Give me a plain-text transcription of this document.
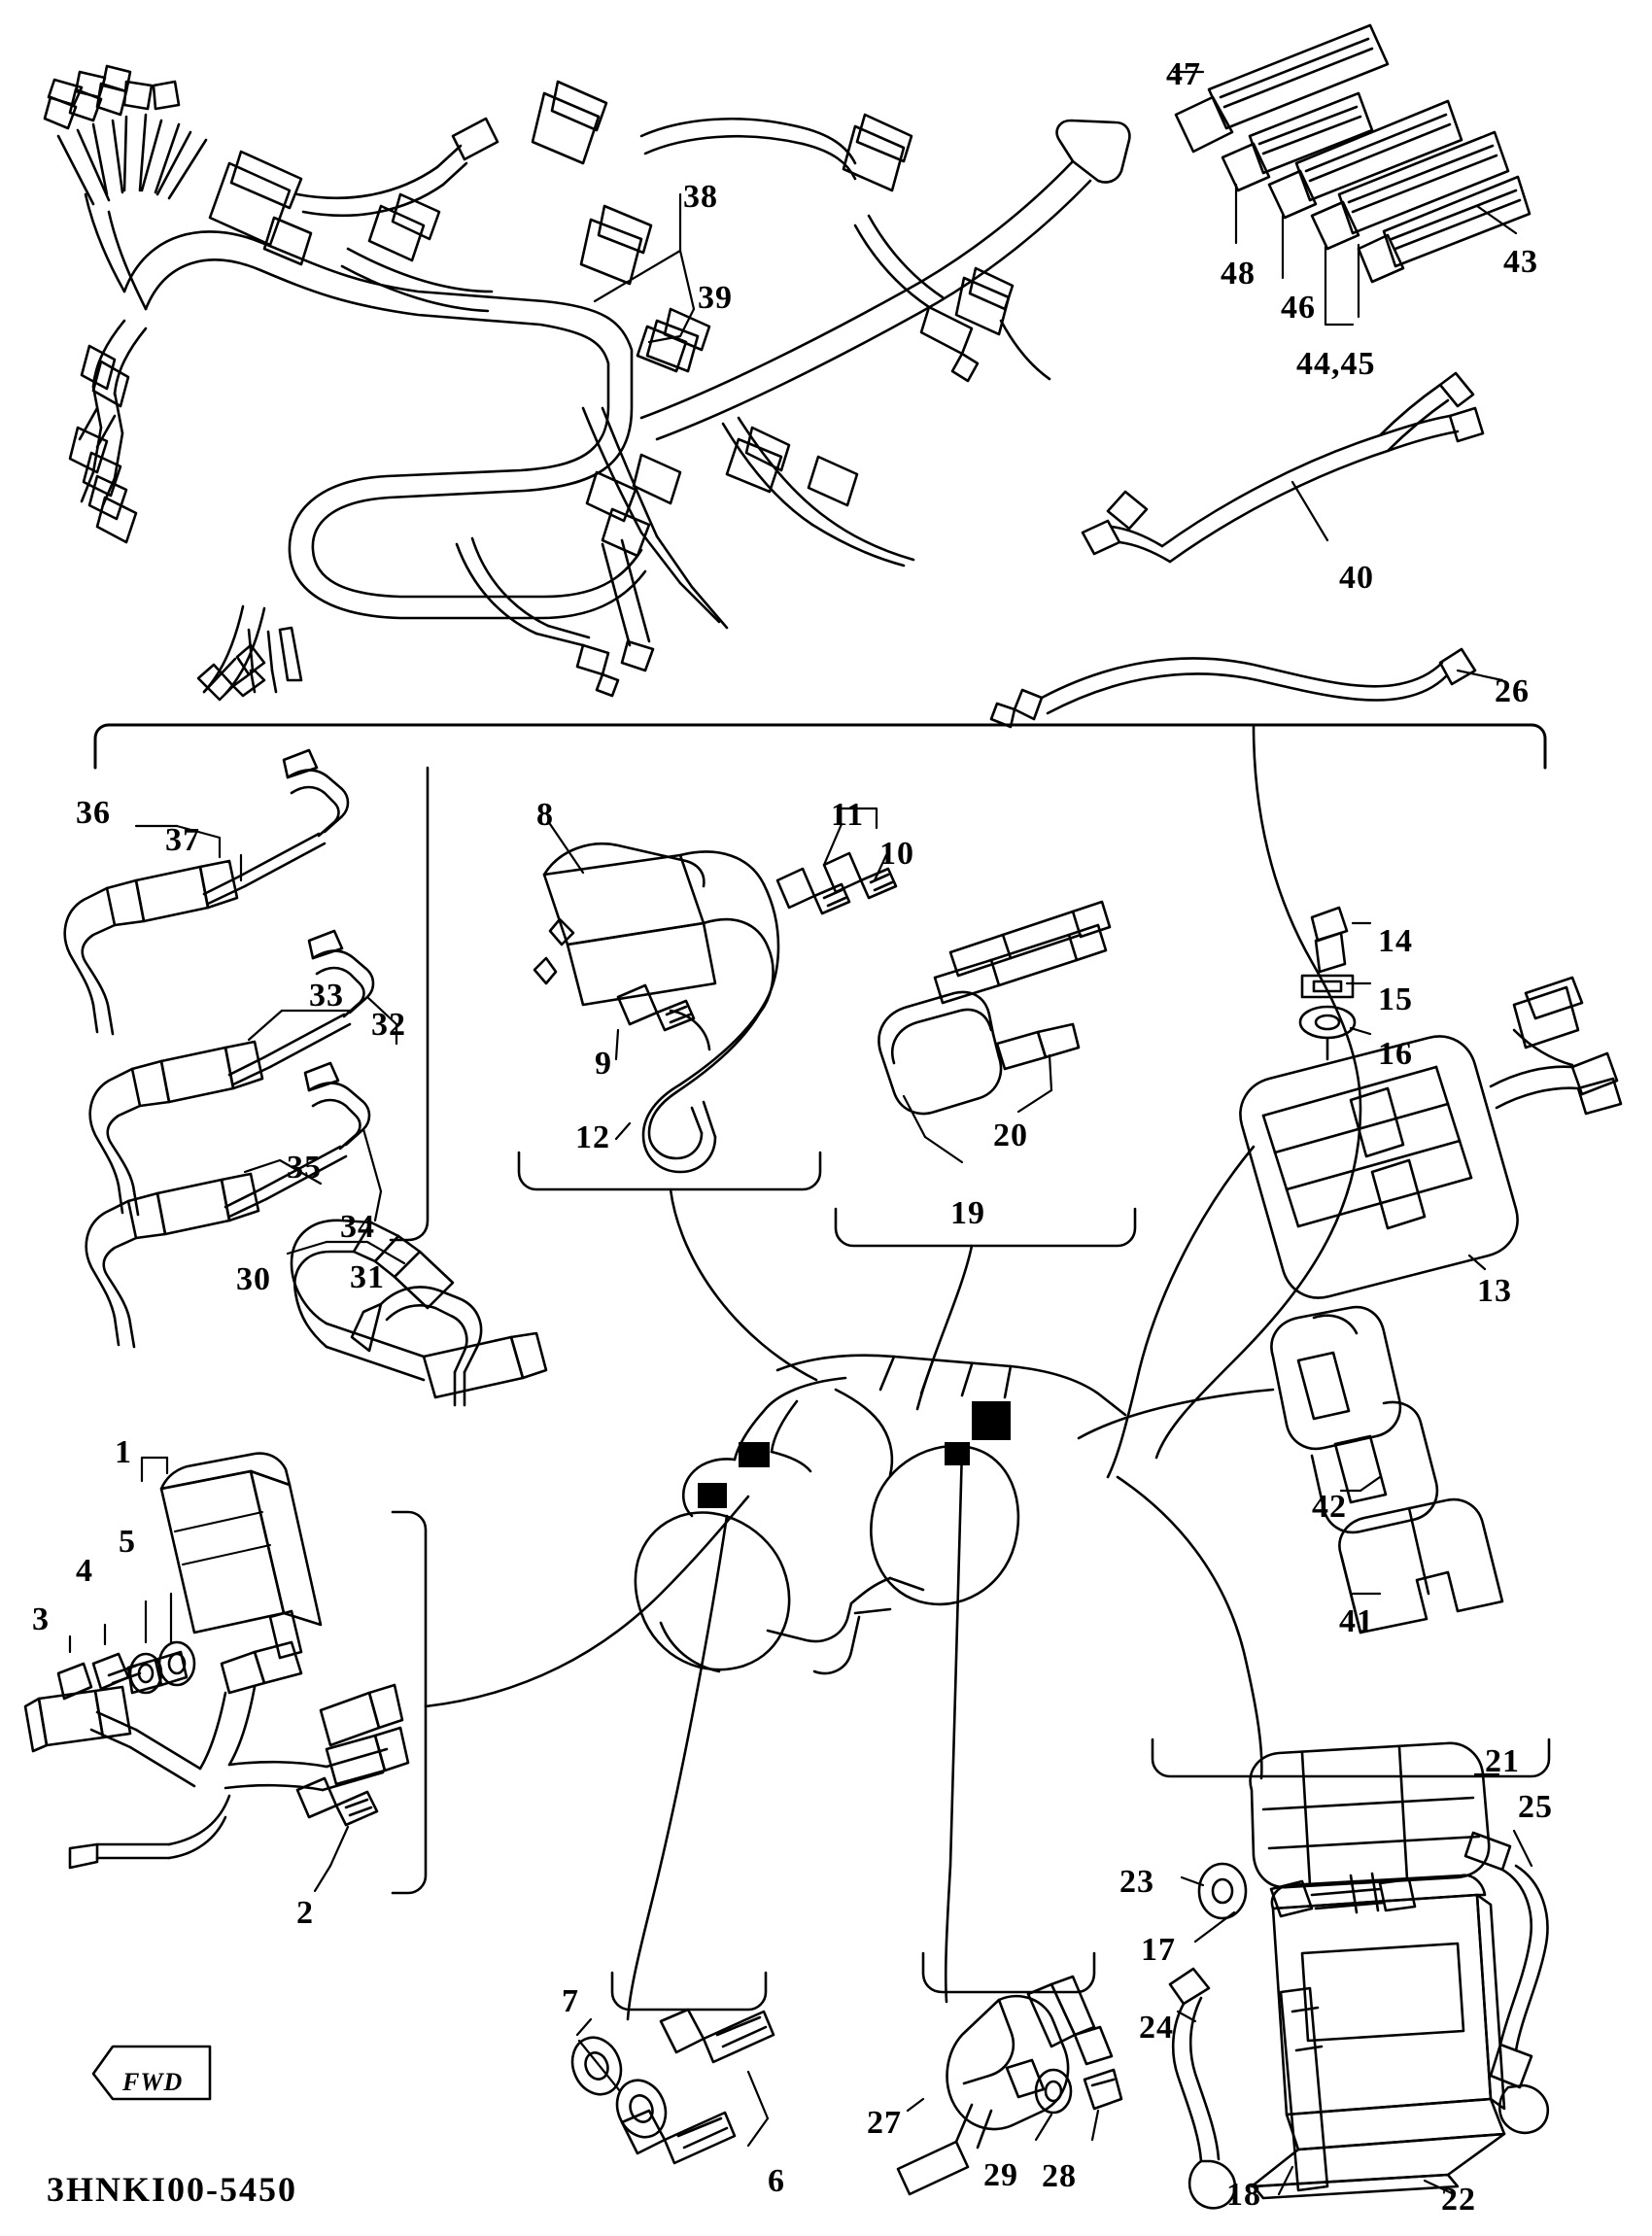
1
2
3
4
5
6
7
8
9
10
11
12
13
14
15
16
17
18
19
20
21
22
23
24
25
26
27
28
29
30 31
32
33
34
35
36
37
38
39
40
41
42
43
44,45
46
47
48
FWD
3HNKI00-5450
